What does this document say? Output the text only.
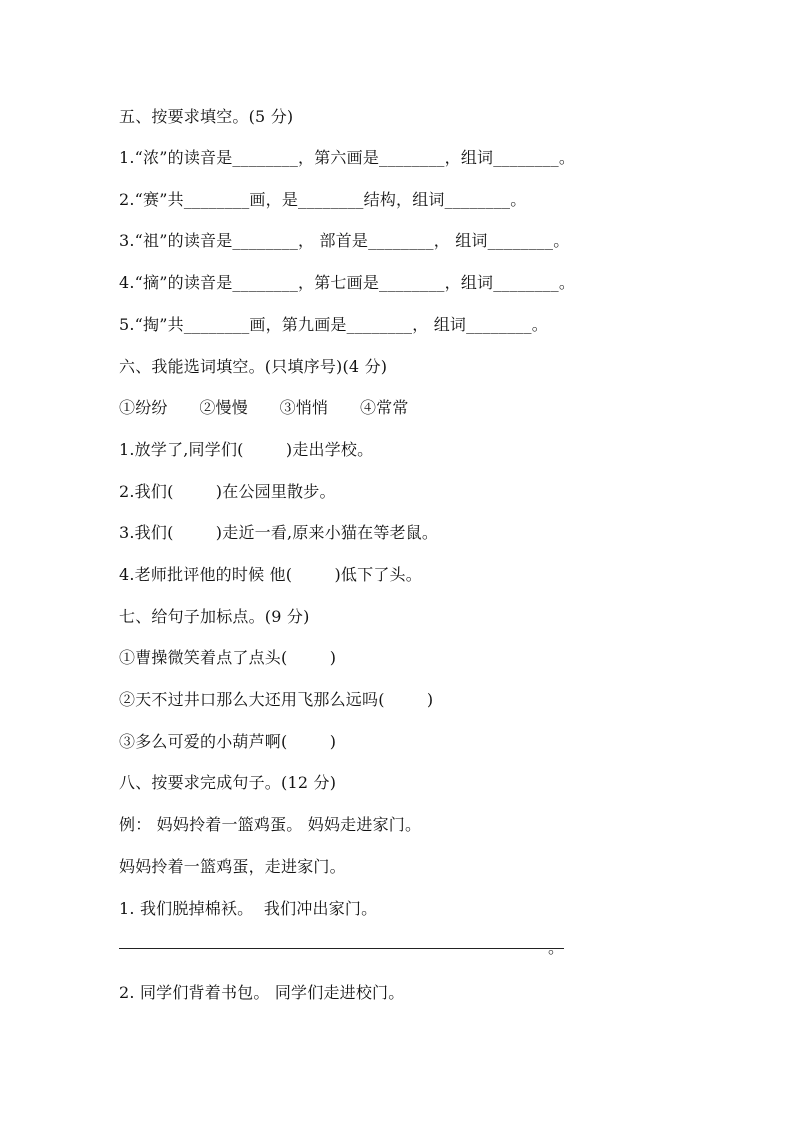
五、按要求填空。(5 分)
1.“浓”的读音是________，第六画是________，组词________。
2.“赛”共________画，是________结构，组词________。
3.“祖”的读音是________， 部首是________， 组词________。
4.“摘”的读音是________，第七画是________，组词________。
5.“掏”共________画，第九画是________， 组词________。
六、我能选词填空。(只填序号)(4 分)
①纷纷      ②慢慢      ③悄悄      ④常常
1.放学了,同学们(        )走出学校。
2.我们(        )在公园里散步。
3.我们(        )走近一看,原来小猫在等老鼠。
4.老师批评他的时候 他(        )低下了头。
七、给句子加标点。(9 分)
①曹操微笑着点了点头(        )
②天不过井口那么大还用飞那么远吗(        )
③多么可爱的小葫芦啊(        )
八、按要求完成句子。(12 分)
例： 妈妈拎着一篮鸡蛋。 妈妈走进家门。
妈妈拎着一篮鸡蛋，走进家门。
1. 我们脱掉棉袄。  我们冲出家门。
。
2. 同学们背着书包。 同学们走进校门。
